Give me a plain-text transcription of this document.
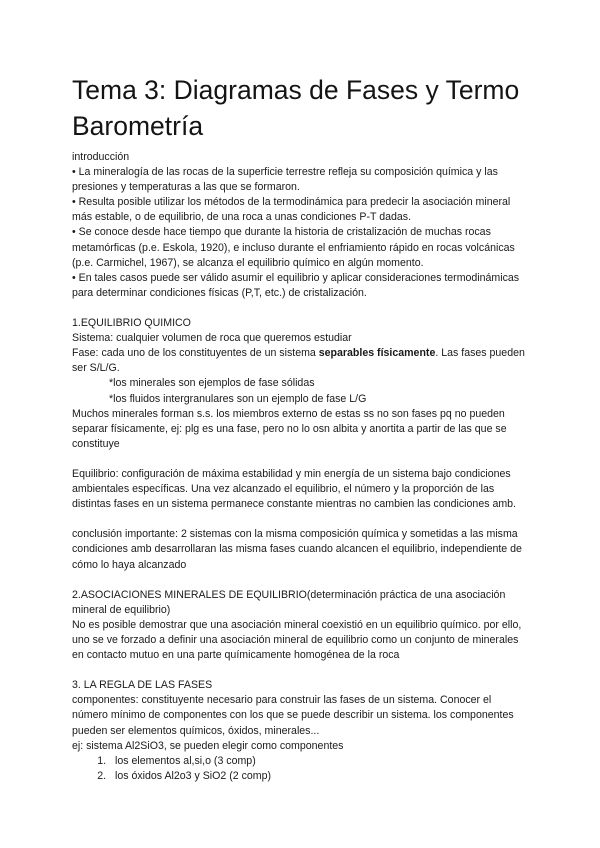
Tema 3: Diagramas de Fases y Termo Barometría

introducción

• La mineralogía de las rocas de la superficie terrestre refleja su composición química y las presiones y temperaturas a las que se formaron.

• Resulta posible utilizar los métodos de la termodinámica para predecir la asociación mineral más estable, o de equilibrio, de una roca a unas condiciones P-T dadas.

• Se conoce desde hace tiempo que durante la historia de cristalización de muchas rocas metamórficas (p.e. Eskola, 1920), e incluso durante el enfriamiento rápido en rocas volcánicas (p.e. Carmichel, 1967), se alcanza el equilibrio químico en algún momento.

• En tales casos puede ser válido asumir el equilibrio y aplicar consideraciones termodinámicas para determinar condiciones físicas (P,T, etc.) de cristalización.

1.EQUILIBRIO QUIMICO

Sistema: cualquier volumen de roca que queremos estudiar

Fase: cada uno de los constituyentes de un sistema separables físicamente. Las fases pueden ser S/L/G.

*los minerales son ejemplos de fase sólidas

*los fluidos intergranulares son un ejemplo de fase L/G

Muchos minerales forman s.s. los miembros externo de estas ss no son fases pq no pueden separar físicamente, ej: plg es una fase, pero no lo osn albita y anortita a partir de las que se constituye

Equilibrio: configuración de máxima estabilidad y min energía de un sistema bajo condiciones ambientales específicas. Una vez alcanzado el equilibrio, el número y la proporción de las distintas fases en un sistema permanece constante mientras no cambien las condiciones amb.

conclusión importante: 2 sistemas con la misma composición química y sometidas a las misma condiciones amb desarrollaran las misma fases cuando alcancen el equilibrio, independiente de cómo lo haya alcanzado

2.ASOCIACIONES MINERALES DE EQUILIBRIO(determinación práctica de una asociación mineral de equilibrio)

No es posible demostrar que una asociación mineral coexistió en un equilibrio químico. por ello, uno se ve forzado a definir una asociación mineral de equilibrio como un conjunto de minerales en contacto mutuo en una parte químicamente homogénea de la roca

3. LA REGLA DE LAS FASES

componentes: constituyente necesario para construir las fases de un sistema. Conocer el número mínimo de componentes con los que se puede describir un sistema. los componentes pueden ser elementos químicos, óxidos, minerales...

ej: sistema Al2SiO3, se pueden elegir como componentes

1. los elementos al,si,o (3 comp)
2. los óxidos Al2o3 y SiO2 (2 comp)
